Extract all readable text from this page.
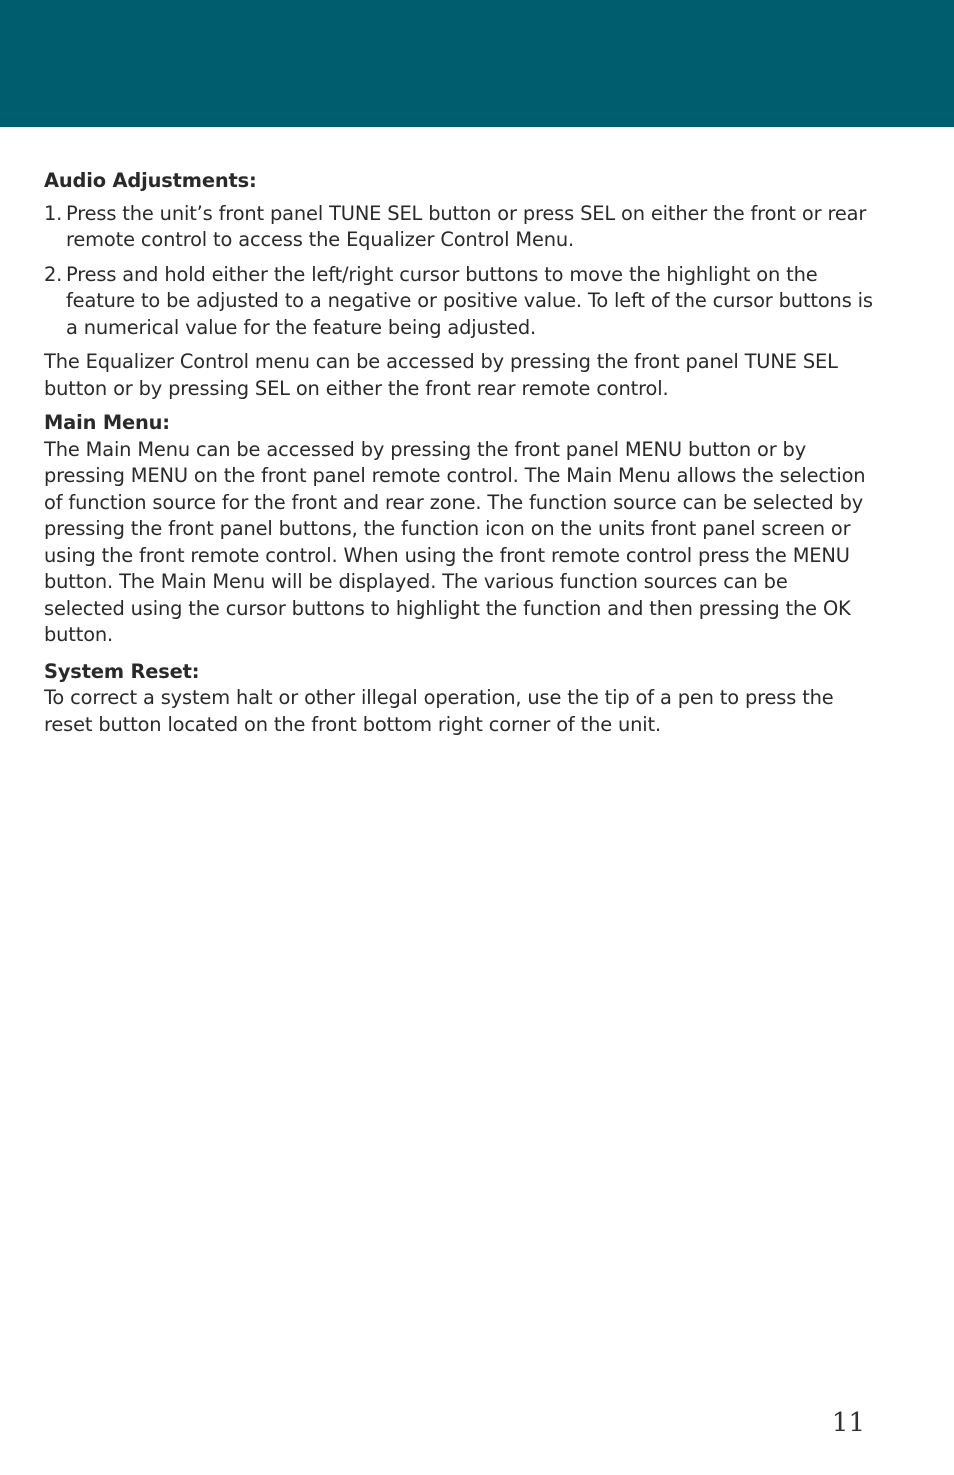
Audio Adjustments:

1. Press the unit’s front panel TUNE SEL button or press SEL on either the front or rear remote control to access the Equalizer Control Menu.
2. Press and hold either the left/right cursor buttons to move the highlight on the feature to be adjusted to a negative or positive value. To left of the cursor buttons is a numerical value for the feature being adjusted.

The Equalizer Control menu can be accessed by pressing the front panel TUNE SEL button or by pressing SEL on either the front rear remote control.

Main Menu:

The Main Menu can be accessed by pressing the front panel MENU button or by pressing MENU on the front panel remote control. The Main Menu allows the selection of function source for the front and rear zone. The function source can be selected by pressing the front panel buttons, the function icon on the units front panel screen or using the front remote control. When using the front remote control press the MENU button. The Main Menu will be displayed. The various function sources can be selected using the cursor buttons to highlight the function and then pressing the OK button.

System Reset:

To correct a system halt or other illegal operation, use the tip of a pen to press the reset button located on the front bottom right corner of the unit.

11
